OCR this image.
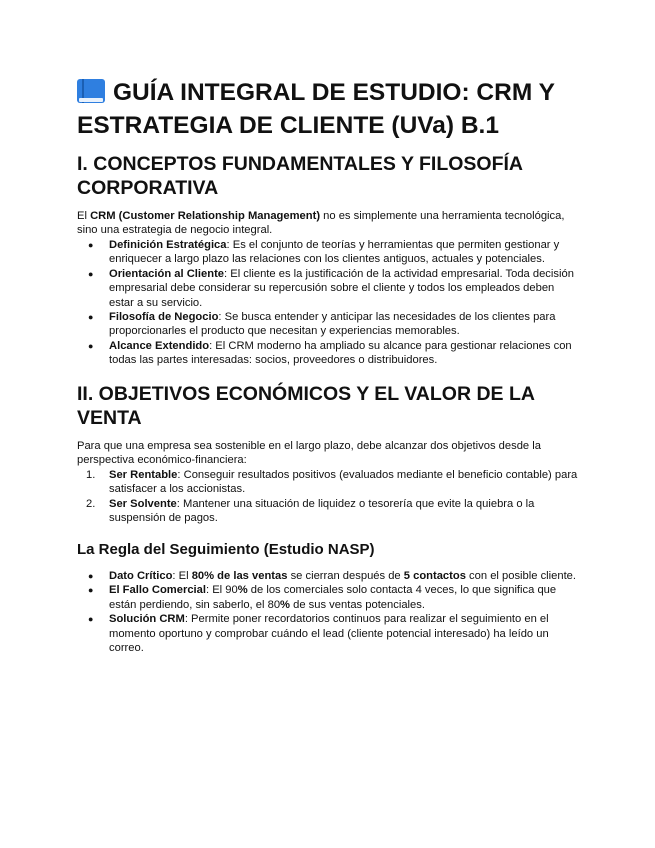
GUÍA INTEGRAL DE ESTUDIO: CRM Y ESTRATEGIA DE CLIENTE (UVa) B.1
I. CONCEPTOS FUNDAMENTALES Y FILOSOFÍA CORPORATIVA

El CRM (Customer Relationship Management) no es simplemente una herramienta tecnológica, sino una estrategia de negocio integral.

● Definición Estratégica: Es el conjunto de teorías y herramientas que permiten gestionar y enriquecer a largo plazo las relaciones con los clientes antiguos, actuales y potenciales.
● Orientación al Cliente: El cliente es la justificación de la actividad empresarial. Toda decisión empresarial debe considerar su repercusión sobre el cliente y todos los empleados deben estar a su servicio.
● Filosofía de Negocio: Se busca entender y anticipar las necesidades de los clientes para proporcionarles el producto que necesitan y experiencias memorables.
● Alcance Extendido: El CRM moderno ha ampliado su alcance para gestionar relaciones con todas las partes interesadas: socios, proveedores o distribuidores.
II. OBJETIVOS ECONÓMICOS Y EL VALOR DE LA VENTA

Para que una empresa sea sostenible en el largo plazo, debe alcanzar dos objetivos desde la perspectiva económico-financiera:

1. Ser Rentable: Conseguir resultados positivos (evaluados mediante el beneficio contable) para satisfacer a los accionistas.
2. Ser Solvente: Mantener una situación de liquidez o tesorería que evite la quiebra o la suspensión de pagos.
La Regla del Seguimiento (Estudio NASP)
● Dato Crítico: El 80% de las ventas se cierran después de 5 contactos con el posible cliente.
● El Fallo Comercial: El 90% de los comerciales solo contacta 4 veces, lo que significa que están perdiendo, sin saberlo, el 80% de sus ventas potenciales.
● Solución CRM: Permite poner recordatorios continuos para realizar el seguimiento en el momento oportuno y comprobar cuándo el lead (cliente potencial interesado) ha leído un correo.
